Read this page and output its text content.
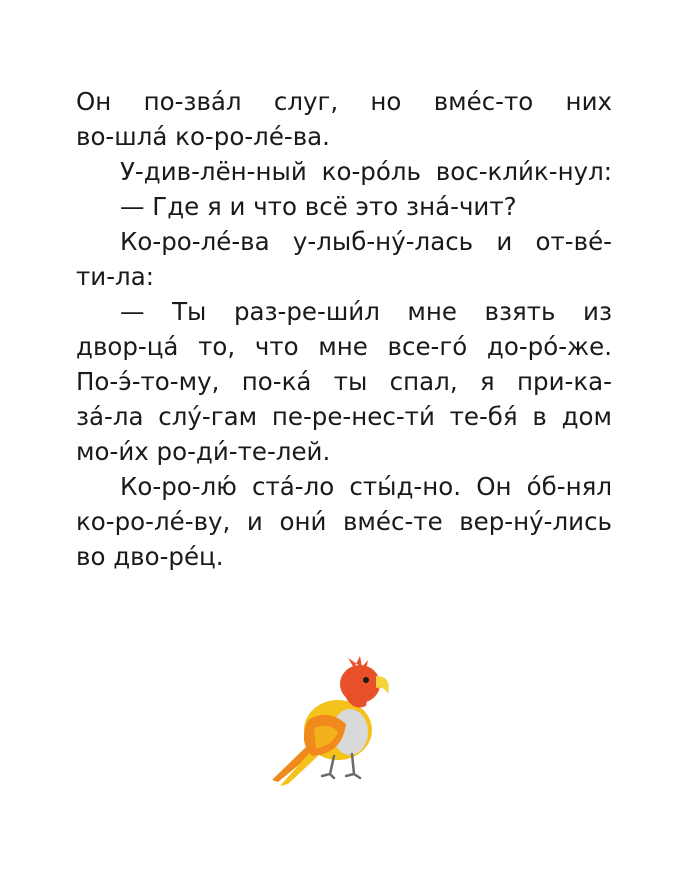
Он по-зва́л слуг, но вме́с-то них
во-шла́ ко-ро-ле́-ва.
У-див-лён-ный ко-ро́ль вос-кли́к-нул:
— Где я и что всё это зна́-чит?
Ко-ро-ле́-ва у-лыб-ну́-лась и от-ве́-
ти-ла:
— Ты раз-ре-ши́л мне взять из
двор-ца́ то, что мне все-го́ до-ро́-же.
По-э́-то-му, по-ка́ ты спал, я при-ка-
за́-ла слу́-гам пе-ре-нес-ти́ те-бя́ в дом
мо-и́х ро-ди́-те-лей.
Ко-ро-лю́ ста́-ло сты́д-но. Он о́б-нял
ко-ро-ле́-ву, и они́ вме́с-те вер-ну́-лись
во дво-ре́ц.
